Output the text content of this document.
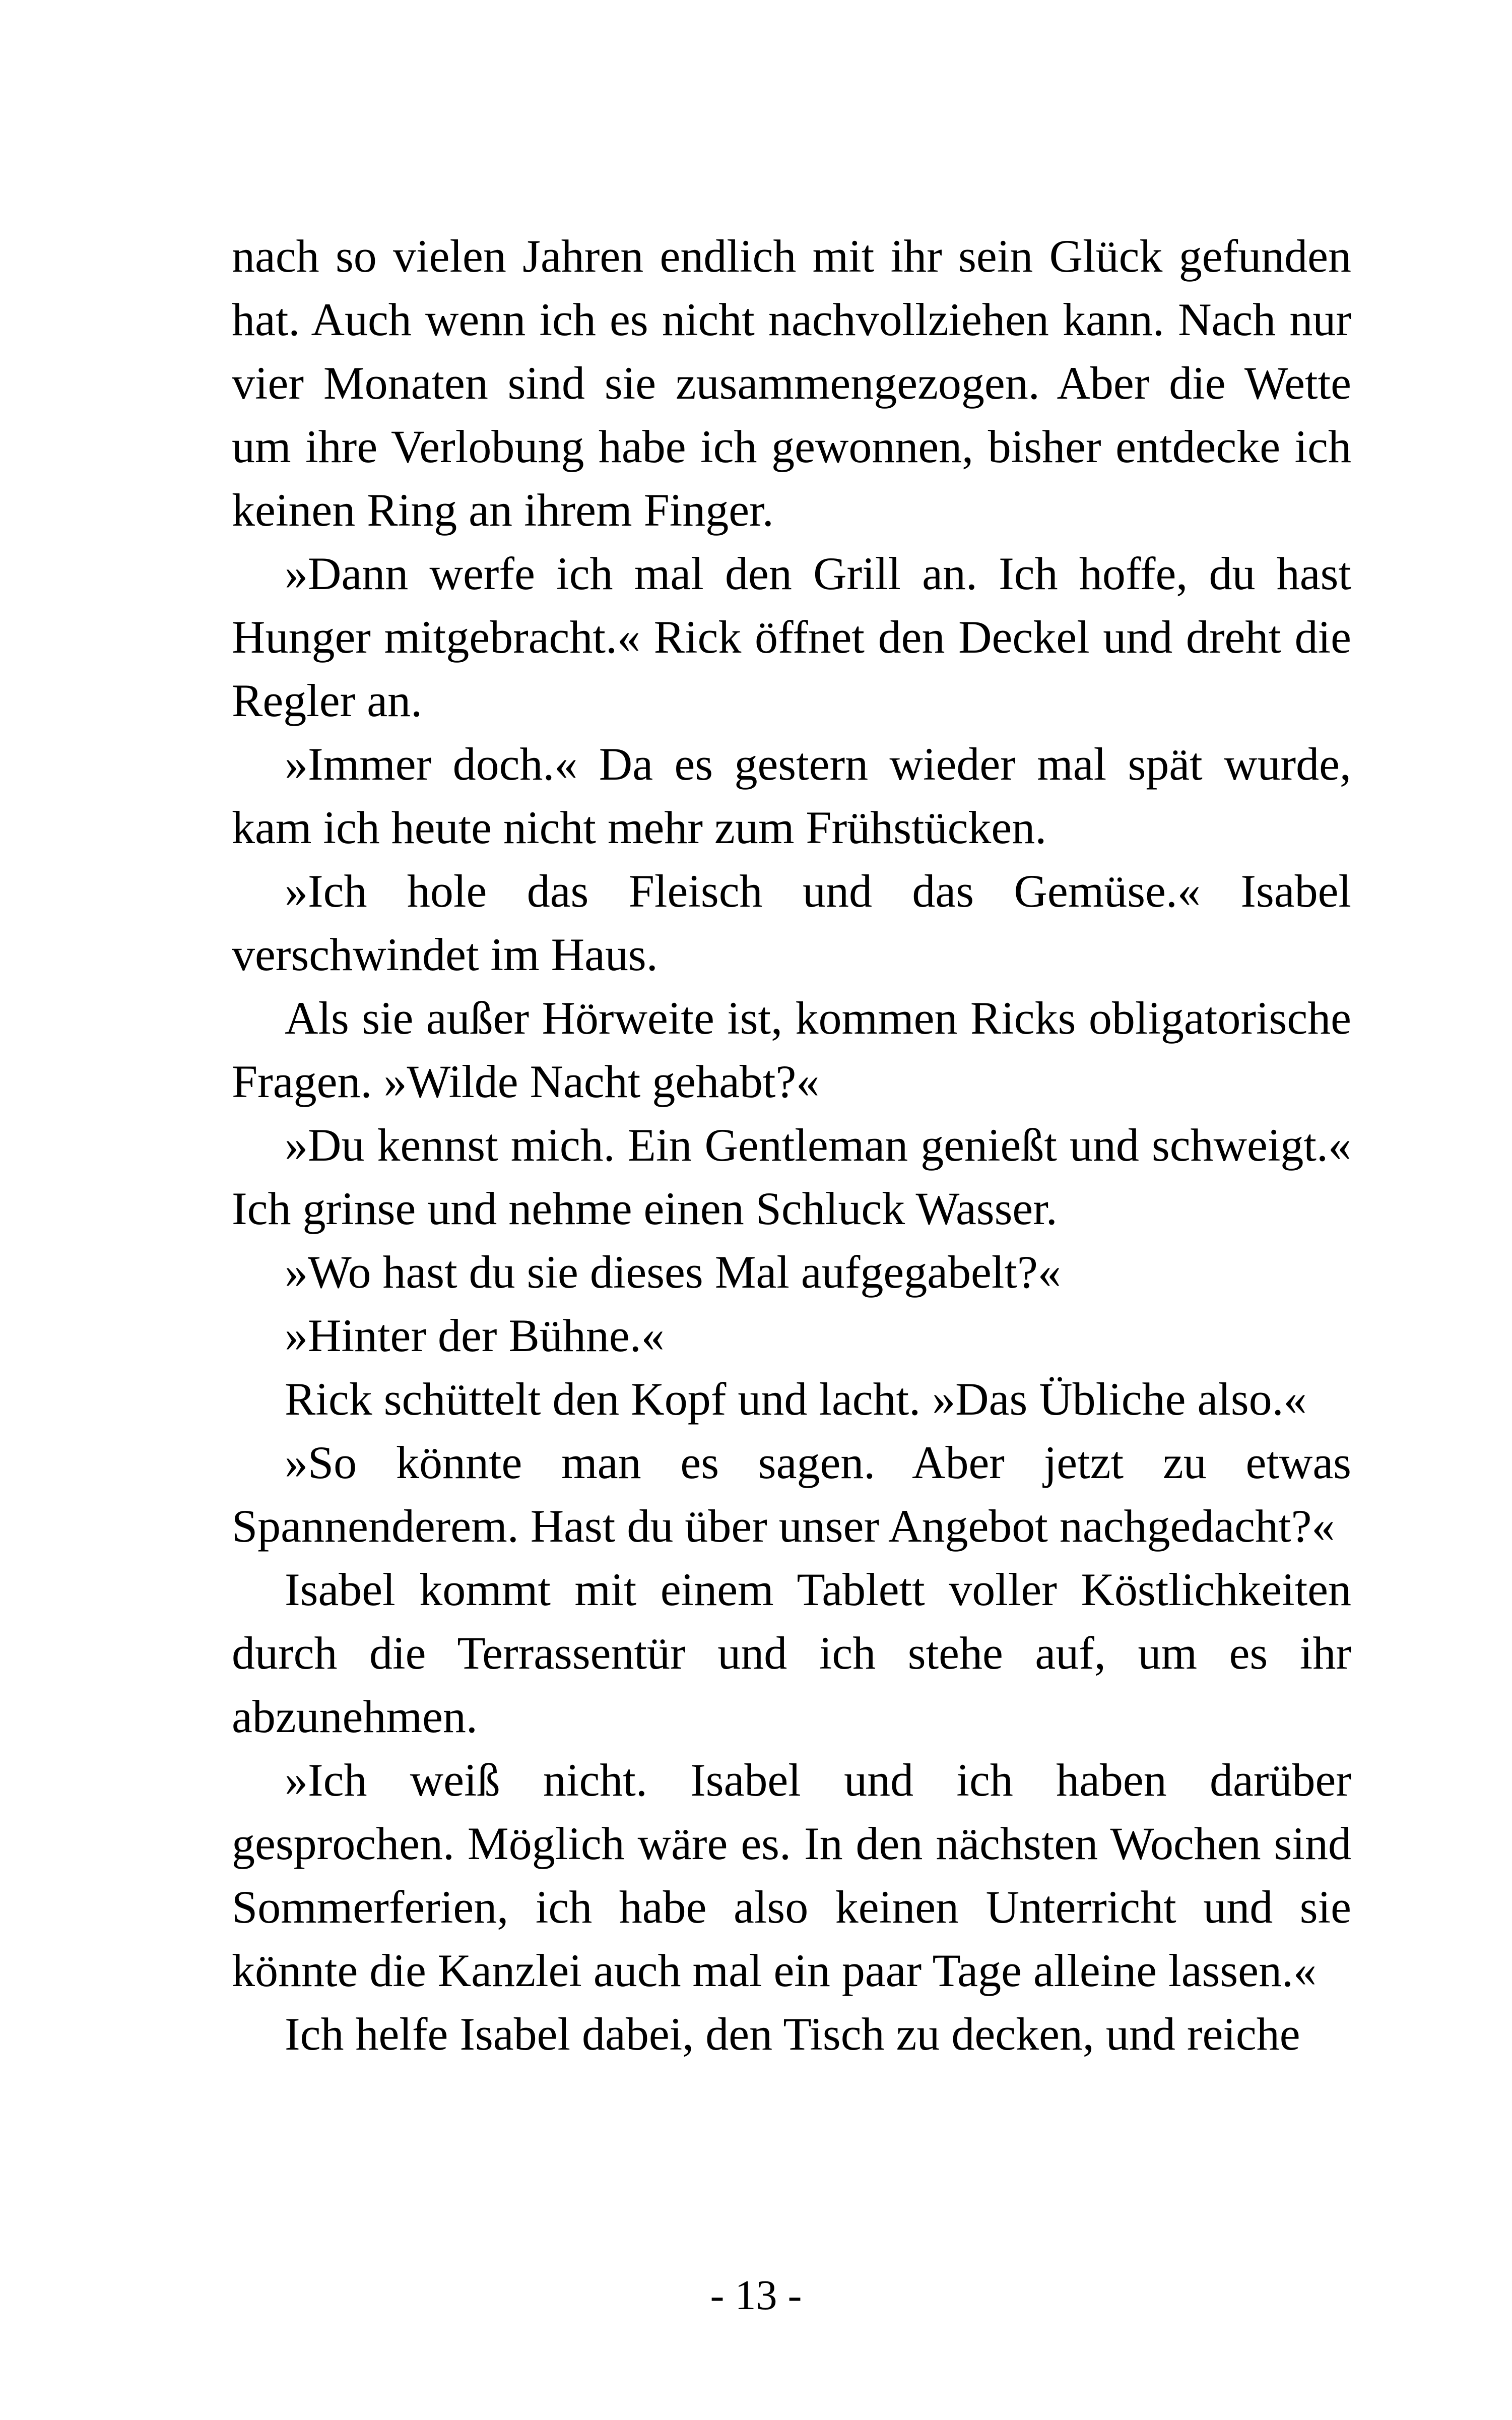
nach so vielen Jahren endlich mit ihr sein Glück gefunden hat. Auch wenn ich es nicht nachvollziehen kann. Nach nur vier Monaten sind sie zusammengezogen. Aber die Wette um ihre Verlobung habe ich gewonnen, bisher entdecke ich keinen Ring an ihrem Finger.

»Dann werfe ich mal den Grill an. Ich hoffe, du hast Hunger mitgebracht.« Rick öffnet den Deckel und dreht die Regler an.

»Immer doch.« Da es gestern wieder mal spät wurde, kam ich heute nicht mehr zum Frühstücken.

»Ich hole das Fleisch und das Gemüse.« Isabel verschwindet im Haus.

Als sie außer Hörweite ist, kommen Ricks obligatorische Fragen. »Wilde Nacht gehabt?«

»Du kennst mich. Ein Gentleman genießt und schweigt.« Ich grinse und nehme einen Schluck Wasser.

»Wo hast du sie dieses Mal aufgegabelt?«

»Hinter der Bühne.«

Rick schüttelt den Kopf und lacht. »Das Übliche also.«

»So könnte man es sagen. Aber jetzt zu etwas Spannenderem. Hast du über unser Angebot nachgedacht?«

Isabel kommt mit einem Tablett voller Köstlichkeiten durch die Terrassentür und ich stehe auf, um es ihr abzunehmen.

»Ich weiß nicht. Isabel und ich haben darüber gesprochen. Möglich wäre es. In den nächsten Wochen sind Sommerferien, ich habe also keinen Unterricht und sie könnte die Kanzlei auch mal ein paar Tage alleine lassen.«

Ich helfe Isabel dabei, den Tisch zu decken, und reiche

- 13 -
